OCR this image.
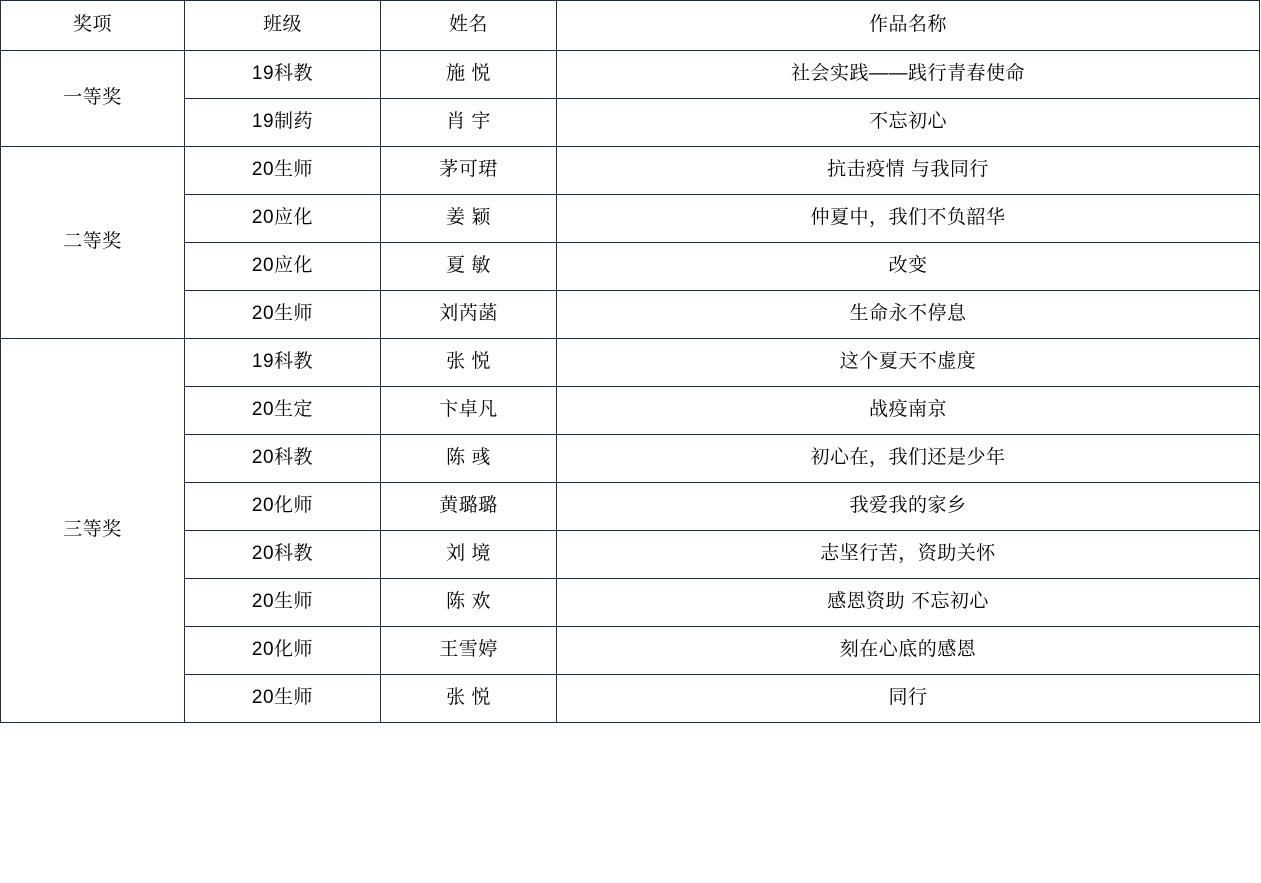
奖项	班级	姓名	作品名称
一等奖	19科教	施 悦	社会实践——践行青春使命
	19制药	肖 宇	不忘初心
二等奖	20生师	茅可珺	抗击疫情 与我同行
	20应化	姜 颖	仲夏中，我们不负韶华
	20应化	夏 敏	改变
	20生师	刘芮菡	生命永不停息
三等奖	19科教	张 悦	这个夏天不虚度
	20生定	卞卓凡	战疫南京
	20科教	陈 彧	初心在，我们还是少年
	20化师	黄璐璐	我爱我的家乡
	20科教	刘 境	志坚行苦，资助关怀
	20生师	陈 欢	感恩资助 不忘初心
	20化师	王雪婷	刻在心底的感恩
	20生师	张 悦	同行
